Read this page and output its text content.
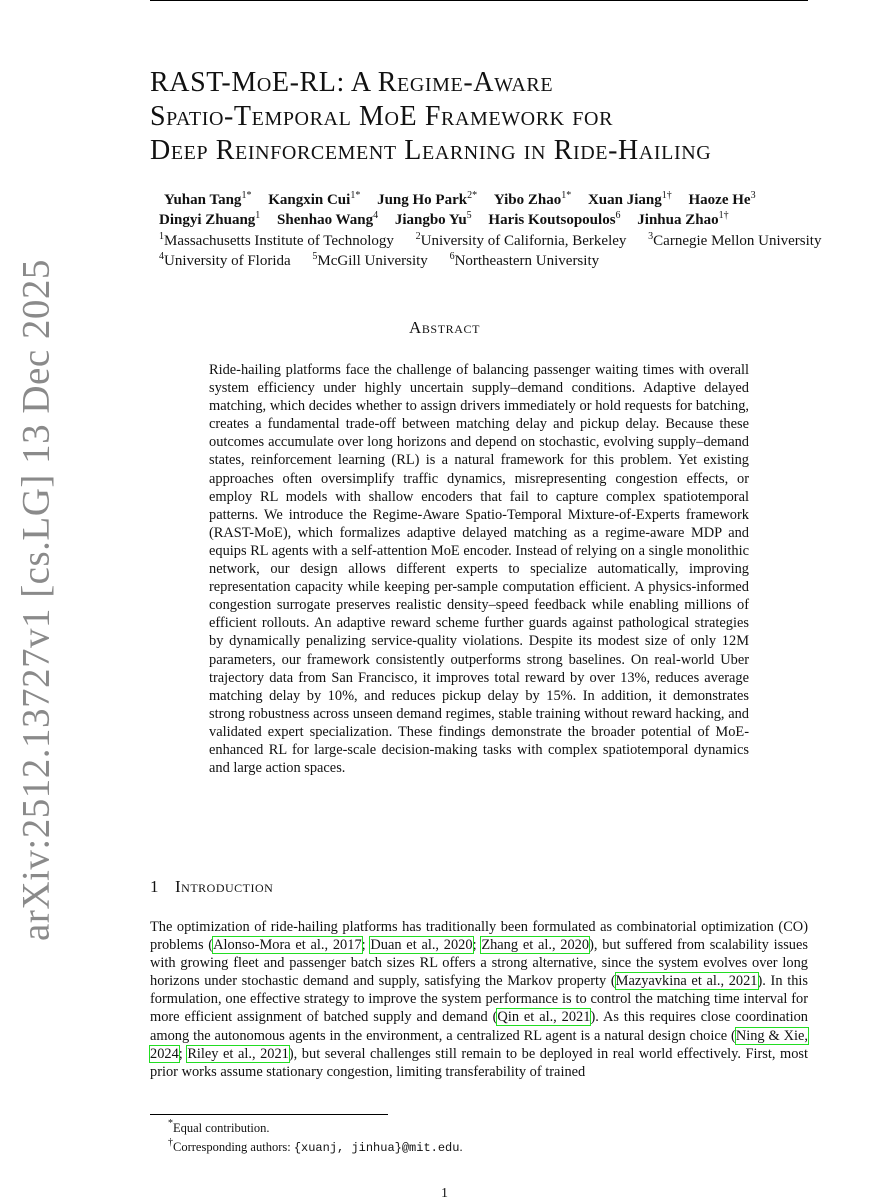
arXiv:2512.13727v1 [cs.LG] 13 Dec 2025
RAST-MoE-RL: A Regime-Aware
Spatio-Temporal MoE Framework for
Deep Reinforcement Learning in Ride-Hailing
Yuhan Tang$^{1*}$ Kangxin Cui$^{1*}$ Jung Ho Park$^{2*}$ Yibo Zhao$^{1*}$ Xuan Jiang$^{1\dagger}$ Haoze He$^3$
Dingyi Zhuang$^1$ Shenhao Wang$^4$ Jiangbo Yu$^5$ Haris Koutsopoulos$^6$ Jinhua Zhao$^{1\dagger}$
$^1$Massachusetts Institute of Technology $^2$University of California, Berkeley $^3$Carnegie Mellon University
$^4$University of Florida $^5$McGill University $^6$Northeastern University
Abstract
Ride-hailing platforms face the challenge of balancing passenger waiting times with overall system efficiency under highly uncertain supply–demand conditions. Adaptive delayed matching, which decides whether to assign drivers immediately or hold requests for batching, creates a fundamental trade-off between matching delay and pickup delay. Because these outcomes accumulate over long horizons and depend on stochastic, evolving supply–demand states, reinforcement learning (RL) is a natural framework for this problem. Yet existing approaches often oversimplify traffic dynamics, misrepresenting congestion effects, or employ RL models with shallow encoders that fail to capture complex spatiotemporal patterns. We introduce the Regime-Aware Spatio-Temporal Mixture-of-Experts framework (RAST-MoE), which formalizes adaptive delayed matching as a regime-aware MDP and equips RL agents with a self-attention MoE encoder. Instead of relying on a single monolithic network, our design allows different experts to specialize automatically, improving representation capacity while keeping per-sample computation efficient. A physics-informed congestion surrogate preserves realistic density–speed feedback while enabling millions of efficient rollouts. An adaptive reward scheme further guards against pathological strategies by dynamically penalizing service-quality violations. Despite its modest size of only 12M parameters, our framework consistently outperforms strong baselines. On real-world Uber trajectory data from San Francisco, it improves total reward by over 13%, reduces average matching delay by 10%, and reduces pickup delay by 15%. In addition, it demonstrates strong robustness across unseen demand regimes, stable training without reward hacking, and validated expert specialization. These findings demonstrate the broader potential of MoE-enhanced RL for large-scale decision-making tasks with complex spatiotemporal dynamics and large action spaces.
1 Introduction
The optimization of ride-hailing platforms has traditionally been formulated as combinatorial optimization (CO) problems (Alonso-Mora et al., 2017; Duan et al., 2020; Zhang et al., 2020), but suffered from scalability issues with growing fleet and passenger batch sizes RL offers a strong alternative, since the system evolves over long horizons under stochastic demand and supply, satisfying the Markov property (Mazyavkina et al., 2021). In this formulation, one effective strategy to improve the system performance is to control the matching time interval for more efficient assignment of batched supply and demand (Qin et al., 2021). As this requires close coordination among the autonomous agents in the environment, a centralized RL agent is a natural design choice (Ning & Xie, 2024; Riley et al., 2021), but several challenges still remain to be deployed in real world effectively. First, most prior works assume stationary congestion, limiting transferability of trained
*Equal contribution.
†Corresponding authors: {xuanj, jinhua}@mit.edu.
1
